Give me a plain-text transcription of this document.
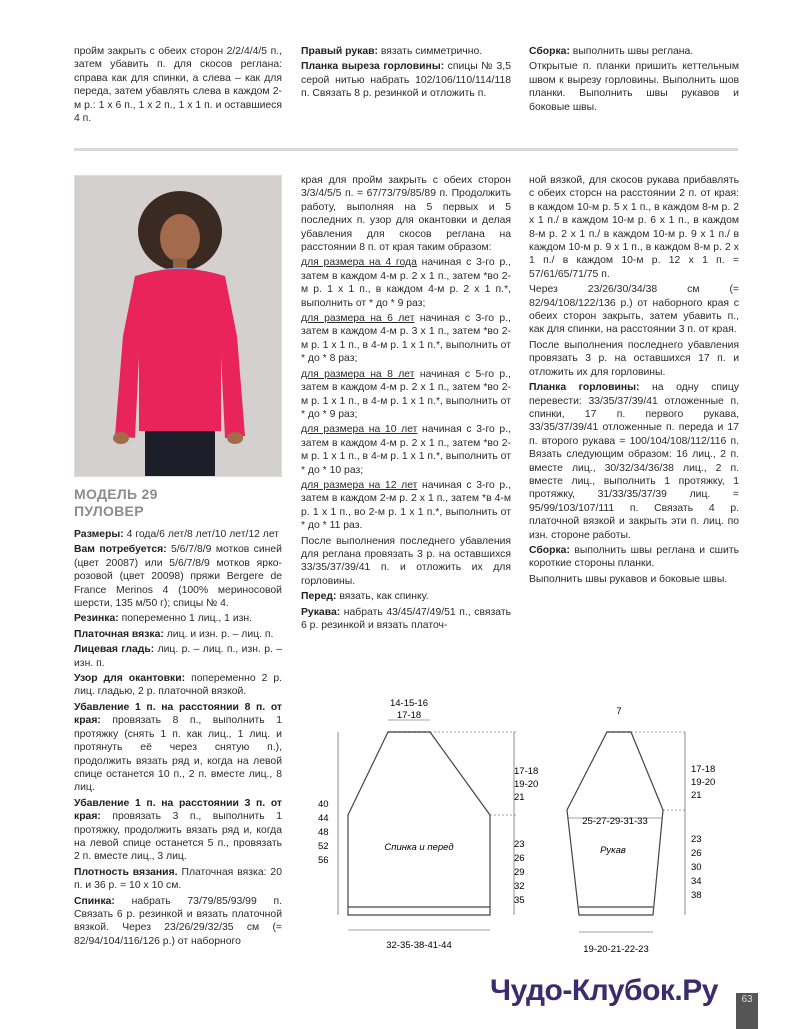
пройм закрыть с обеих сторон 2/2/4/4/5 п., затем убавить п. для скосов реглана: справа как для спинки, а слева – как для переда, затем убавлять слева в каждом 2-м р.: 1 х 6 п., 1 х 2 п., 1 х 1 п. и оставшиеся 4 п.

Правый рукав: вязать симметрично.

Планка выреза горловины: спицы № 3,5 серой нитью набрать 102/106/110/114/118 п. Связать 8 р. резинкой и отложить п.

Сборка: выполнить швы реглана.

Открытые п. планки пришить кеттельным швом к вырезу горловины. Выполнить шов планки. Выполнить швы рукавов и боковые швы.

МОДЕЛЬ 29
ПУЛОВЕР

Размеры: 4 года/6 лет/8 лет/10 лет/12 лет

Вам потребуется: 5/6/7/8/9 мотков синей (цвет 20087) или 5/6/7/8/9 мотков ярко-розовой (цвет 20098) пряжи Bergere de France Merinos 4 (100% мериносовой шерсти, 135 м/50 г); спицы № 4.

Резинка: попеременно 1 лиц., 1 изн.

Платочная вязка: лиц. и изн. р. – лиц. п.

Лицевая гладь: лиц. р. – лиц. п., изн. р. – изн. п.

Узор для окантовки: попеременно 2 р. лиц. гладью, 2 р. платочной вязкой.

Убавление 1 п. на расстоянии 8 п. от края: провязать 8 п., выполнить 1 протяжку (снять 1 п. как лиц., 1 лиц. и протянуть её через снятую п.), продолжить вязать ряд и, когда на левой спице останется 10 п., 2 п. вместе лиц., 8 лиц.

Убавление 1 п. на расстоянии 3 п. от края: провязать 3 п., выполнить 1 протяжку, продолжить вязать ряд и, когда на левой спице останется 5 п., провязать 2 п. вместе лиц., 3 лиц.

Плотность вязания. Платочная вязка: 20 п. и 36 р. = 10 х 10 см.

Спинка: набрать 73/79/85/93/99 п. Связать 6 р. резинкой и вязать платочной вязкой. Через 23/26/29/32/35 см (= 82/94/104/116/126 р.) от наборного

края для пройм закрыть с обеих сторон 3/3/4/5/5 п. = 67/73/79/85/89 п. Продолжить работу, выполняя на 5 первых и 5 последних п. узор для окантовки и делая убавления для скосов реглана на расстоянии 8 п. от края таким образом:

для размера на 4 года начиная с 3-го р., затем в каждом 4-м р. 2 х 1 п., затем *во 2-м р. 1 х 1 п., в каждом 4-м р. 2 х 1 п.*, выполнить от * до * 9 раз;

для размера на 6 лет начиная с 3-го р., затем в каждом 4-м р. 3 х 1 п., затем *во 2-м р. 1 х 1 п., в 4-м р. 1 х 1 п.*, выполнить от * до * 8 раз;

для размера на 8 лет начиная с 5-го р., затем в каждом 4-м р. 2 х 1 п., затем *во 2-м р. 1 х 1 п., в 4-м р. 1 х 1 п.*, выполнить от * до * 9 раз;

для размера на 10 лет начиная с 3-го р., затем в каждом 4-м р. 2 х 1 п., затем *во 2-м р. 1 х 1 п., в 4-м р. 1 х 1 п.*, выполнить от * до * 10 раз;

для размера на 12 лет начиная с 3-го р., затем в каждом 2-м р. 2 х 1 п., затем *в 4-м р. 1 х 1 п., во 2-м р. 1 х 1 п.*, выполнить от * до * 11 раз.

После выполнения последнего убавления для реглана провязать 3 р. на оставшихся 33/35/37/39/41 п. и отложить их для горловины.

Перед: вязать, как спинку.

Рукава: набрать 43/45/47/49/51 п., связать 6 р. резинкой и вязать платоч-

ной вязкой, для скосов рукава прибавлять с обеих сторсн на расстоянии 2 п. от края: в каждом 10-м р. 5 х 1 п., в каждом 8-м р. 2 х 1 п./ в каждом 10-м р. 6 х 1 п., в каждом 8-м р. 2 х 1 п./ в каждом 10-м р. 9 х 1 п./ в каждом 10-м р. 9 х 1 п., в каждом 8-м р. 2 х 1 п./ в каждом 10-м р. 12 х 1 п. = 57/61/65/71/75 п.

Через 23/26/30/34/38 см (= 82/94/108/122/136 р.) от наборного края с обеих сторон закрыть, затем убавить п., как для спинки, на расстоянии 3 п. от края.

После выполнения последнего убавления провязать 3 р. на оставшихся 17 п. и отложить их для горловины.

Планка горловины: на одну спицу перевести: 33/35/37/39/41 отложенные п. спинки, 17 п. первого рукава, 33/35/37/39/41 отложенные п. переда и 17 п. второго рукава = 100/104/108/112/116 п. Вязать следующим образом: 16 лиц., 2 п. вместе лиц., 30/32/34/36/38 лиц., 2 п. вместе лиц., выполнить 1 протяжку, 1 протяжку, 31/33/35/37/39 лиц. = 95/99/103/107/111 п. Связать 4 р. платочной вязкой и закрыть эти п. лиц. по изн. стороне работы.

Сборка: выполнить швы реглана и сшить короткие стороны планки.

Выполнить швы рукавов и боковые швы.

14-15-16
17-18
17-18
19-20
21
40
44
48
52
56
23
26
29
32
35
Спинка и перед
32-35-38-41-44
7
17-18
19-20
21
25-27-29-31-33
Рукав
23
26
30
34
38
19-20-21-22-23
Чудо-Клубок.Ру	63
